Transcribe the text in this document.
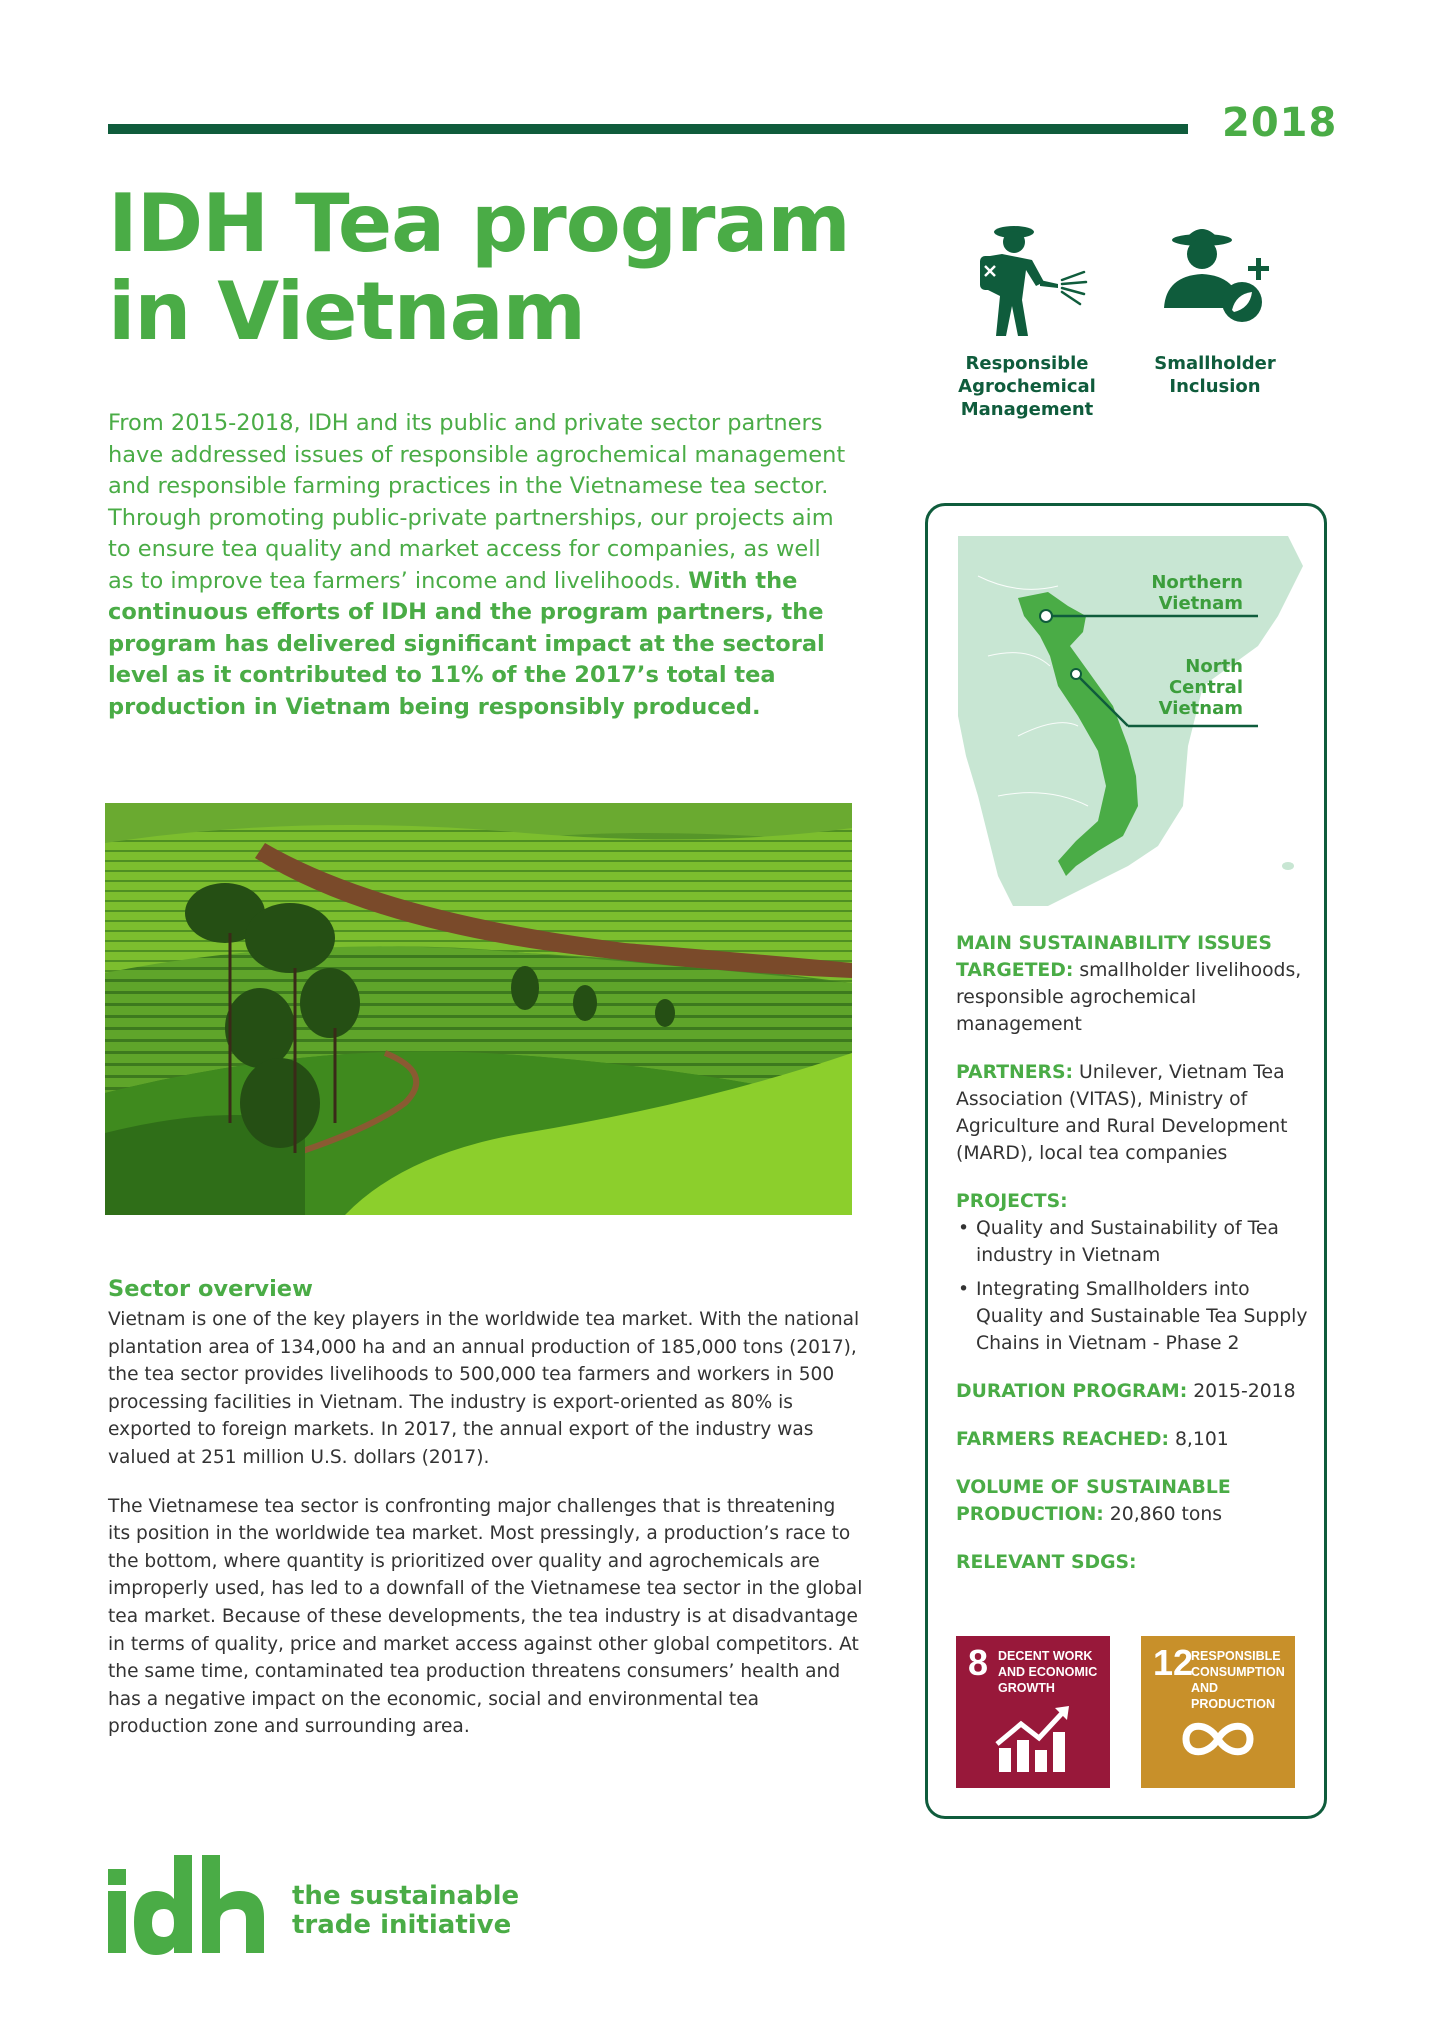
2018
IDH Tea program
in Vietnam

From 2015-2018, IDH and its public and private sector partners have addressed issues of responsible agrochemical management and responsible farming practices in the Vietnamese tea sector. Through promoting public-private partnerships, our projects aim to ensure tea quality and market access for companies, as well as to improve tea farmers’ income and livelihoods. With the continuous efforts of IDH and the program partners, the program has delivered significant impact at the sectoral level as it contributed to 11% of the 2017’s total tea production in Vietnam being responsibly produced.

Sector overview

Vietnam is one of the key players in the worldwide tea market. With the national plantation area of 134,000 ha and an annual production of 185,000 tons (2017), the tea sector provides livelihoods to 500,000 tea farmers and workers in 500 processing facilities in Vietnam. The industry is export-oriented as 80% is exported to foreign markets. In 2017, the annual export of the industry was valued at 251 million U.S. dollars (2017).

The Vietnamese tea sector is confronting major challenges that is threatening its position in the worldwide tea market. Most pressingly, a production’s race to the bottom, where quantity is prioritized over quality and agrochemicals are improperly used, has led to a downfall of the Vietnamese tea sector in the global tea market. Because of these developments, the tea industry is at disadvantage in terms of quality, price and market access against other global competitors. At the same time, contaminated tea production threatens consumers’ health and has a negative impact on the economic, social and environmental tea production zone and surrounding area.

Responsible Agrochemical Management
Smallholder Inclusion
Northern Vietnam
North Central Vietnam
MAIN SUSTAINABILITY ISSUES TARGETED: smallholder livelihoods, responsible agrochemical management
PARTNERS: Unilever, Vietnam Tea Association (VITAS), Ministry of Agriculture and Rural Development (MARD), local tea companies
PROJECTS:
• Quality and Sustainability of Tea industry in Vietnam
• Integrating Smallholders into Quality and Sustainable Tea Supply Chains in Vietnam - Phase 2
DURATION PROGRAM: 2015-2018
FARMERS REACHED: 8,101
VOLUME OF SUSTAINABLE PRODUCTION: 20,860 tons
RELEVANT SDGS:
8 DECENT WORK AND ECONOMIC GROWTH
12
RESPONSIBLE CONSUMPTION AND PRODUCTION
the sustainable
trade initiative
